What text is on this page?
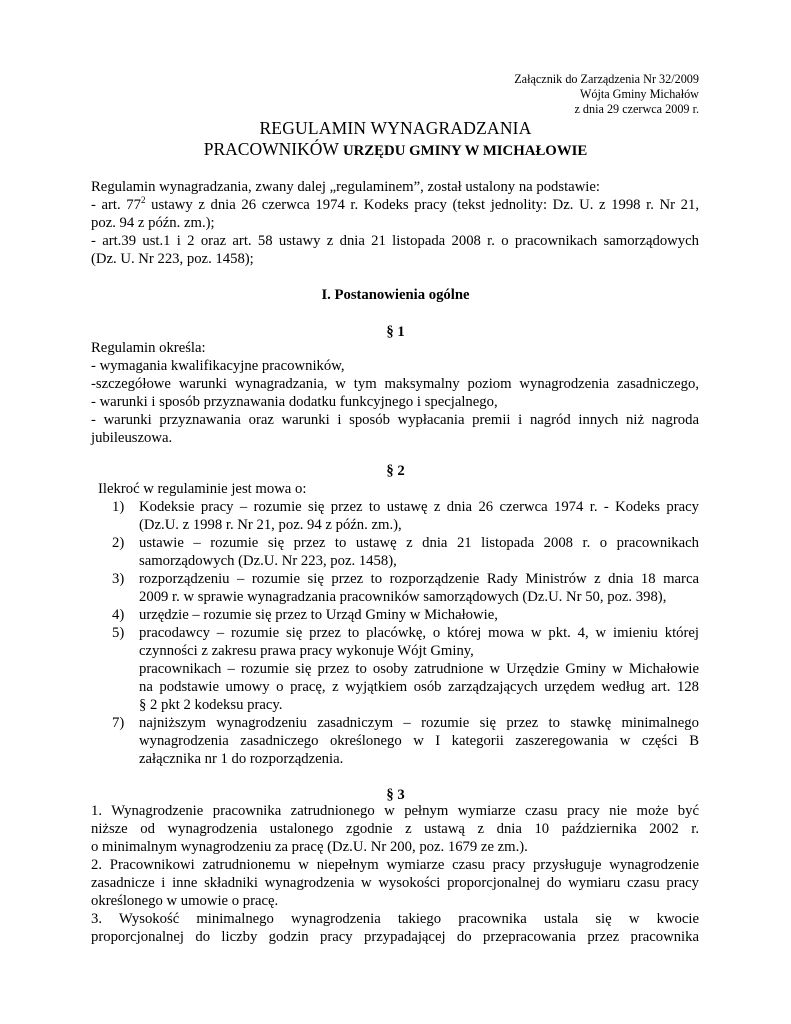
Załącznik do Zarządzenia Nr 32/2009
Wójta Gminy Michałów
z dnia 29 czerwca 2009 r.
REGULAMIN WYNAGRADZANIA
PRACOWNIKÓW URZĘDU GMINY W MICHAŁOWIE
Regulamin wynagradzania, zwany dalej „regulaminem”, został ustalony na podstawie:
- art. $77^2$ ustawy z dnia 26 czerwca 1974 r. Kodeks pracy (tekst jednolity: Dz. U. z 1998 r. Nr 21,
poz. 94 z późn. zm.);
- art.39 ust.1 i 2 oraz art. 58 ustawy z dnia 21 listopada 2008 r. o pracownikach samorządowych
(Dz. U. Nr 223, poz. 1458);
I. Postanowienia ogólne
§ 1
Regulamin określa:
- wymagania kwalifikacyjne pracowników,
-szczegółowe warunki wynagradzania, w tym maksymalny poziom wynagrodzenia zasadniczego,
- warunki i sposób przyznawania dodatku funkcyjnego i specjalnego,
- warunki przyznawania oraz warunki i sposób wypłacania premii i nagród innych niż nagroda
jubileuszowa.
§ 2
Ilekroć w regulaminie jest mowa o:
1) Kodeksie pracy – rozumie się przez to ustawę z dnia 26 czerwca 1974 r. - Kodeks pracy
(Dz.U. z 1998 r. Nr 21, poz. 94 z późn. zm.),
2) ustawie – rozumie się przez to ustawę z dnia 21 listopada 2008 r. o pracownikach
samorządowych (Dz.U. Nr 223, poz. 1458),
3) rozporządzeniu – rozumie się przez to rozporządzenie Rady Ministrów z dnia 18 marca
2009 r. w sprawie wynagradzania pracowników samorządowych (Dz.U. Nr 50, poz. 398),
4) urzędzie – rozumie się przez to Urząd Gminy w Michałowie,
5) pracodawcy – rozumie się przez to placówkę, o której mowa w pkt. 4, w imieniu której
czynności z zakresu prawa pracy wykonuje Wójt Gminy,
pracownikach – rozumie się przez to osoby zatrudnione w Urzędzie Gminy w Michałowie
na podstawie umowy o pracę, z wyjątkiem osób zarządzających urzędem według art. 128
§ 2 pkt 2 kodeksu pracy.
7) najniższym wynagrodzeniu zasadniczym – rozumie się przez to stawkę minimalnego
wynagrodzenia zasadniczego określonego w I kategorii zaszeregowania w części B
załącznika nr 1 do rozporządzenia.
§ 3
1. Wynagrodzenie pracownika zatrudnionego w pełnym wymiarze czasu pracy nie może być
niższe od wynagrodzenia ustalonego zgodnie z ustawą z dnia 10 października 2002 r.
o minimalnym wynagrodzeniu za pracę (Dz.U. Nr 200, poz. 1679 ze zm.).
2. Pracownikowi zatrudnionemu w niepełnym wymiarze czasu pracy przysługuje wynagrodzenie
zasadnicze i inne składniki wynagrodzenia w wysokości proporcjonalnej do wymiaru czasu pracy
określonego w umowie o pracę.
3. Wysokość minimalnego wynagrodzenia takiego pracownika ustala się w kwocie
proporcjonalnej do liczby godzin pracy przypadającej do przepracowania przez pracownika
